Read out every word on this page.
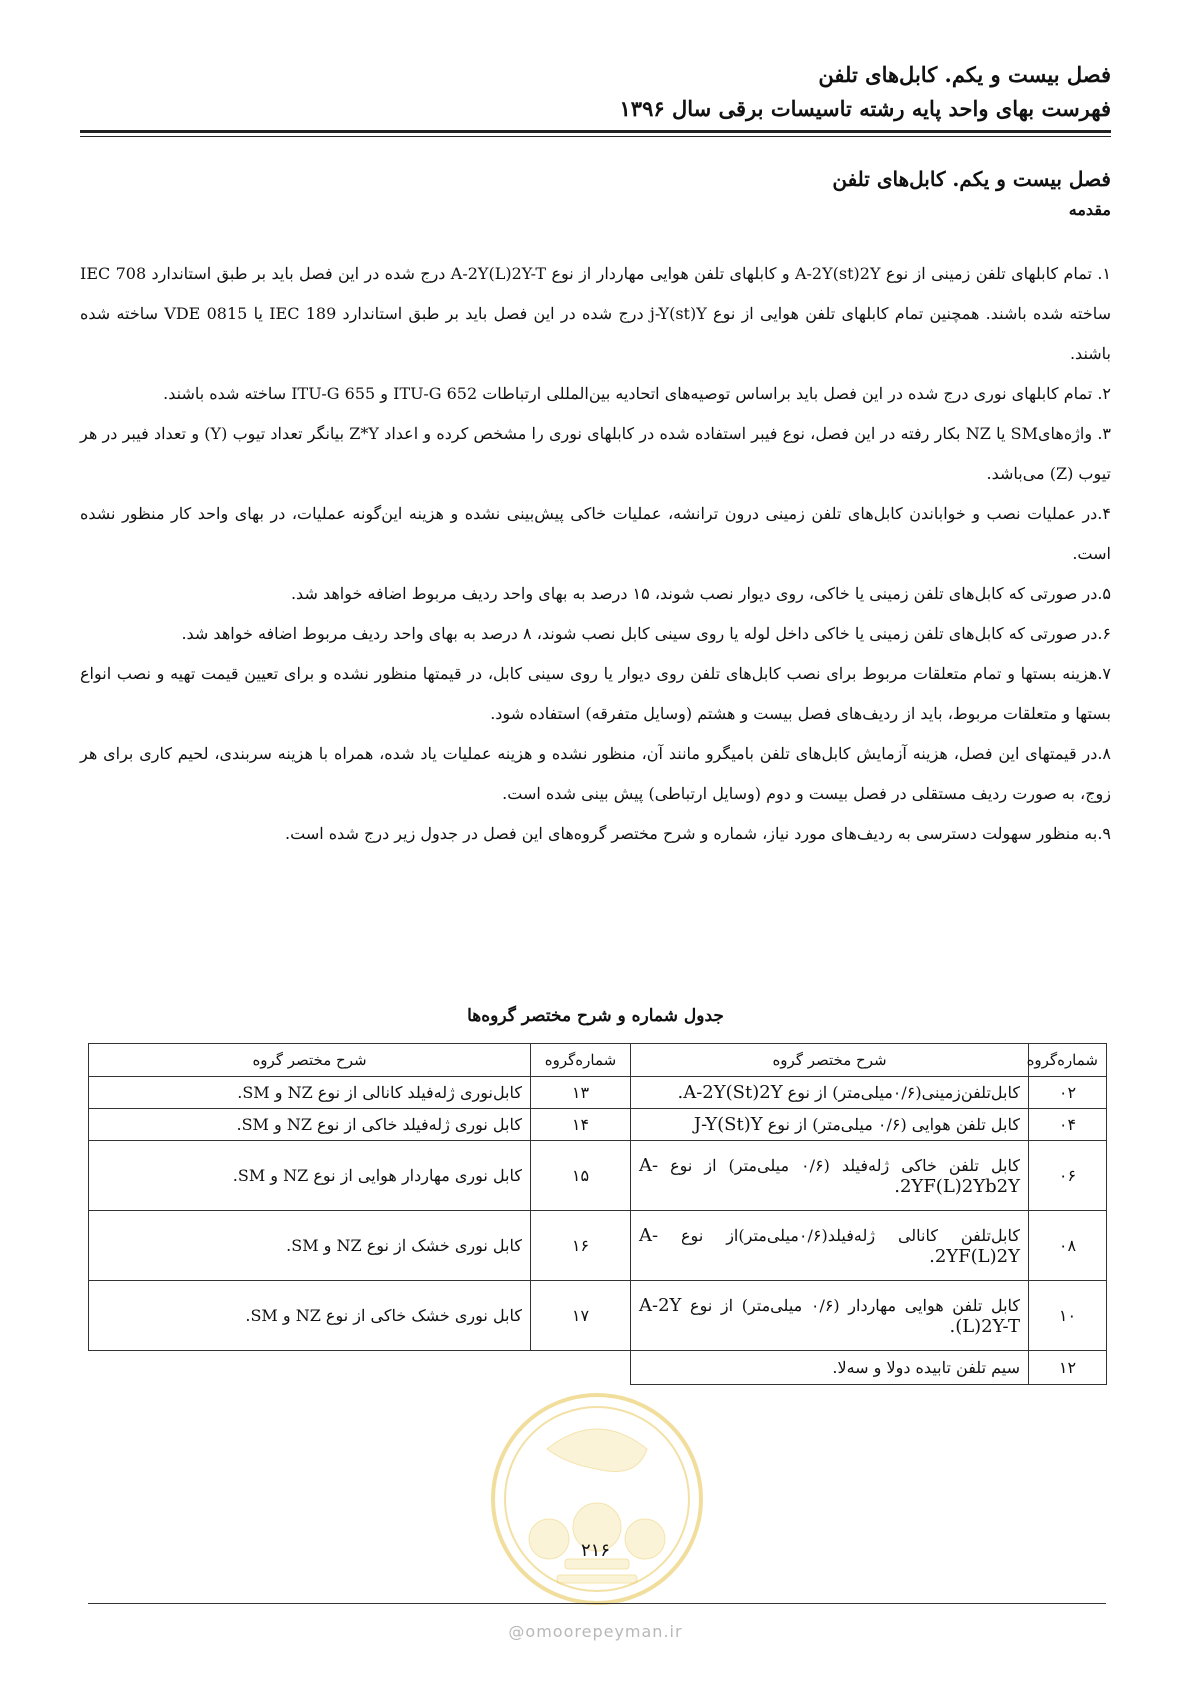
فصل بیست و یکم. کابل‌های تلفن
فهرست بهای واحد پایه رشته تاسیسات برقی سال ۱۳۹۶
فصل بیست و یکم. کابل‌های تلفن
مقدمه

۱. تمام کابلهای تلفن زمینی از نوع A-2Y(st)2Y و کابلهای تلفن هوایی مهاردار از نوع A-2Y(L)2Y-T درج شده در این فصل باید بر طبق استاندارد IEC 708 ساخته شده باشند. همچنین تمام کابلهای تلفن هوایی از نوع j-Y(st)Y درج شده در این فصل باید بر طبق استاندارد IEC 189 یا VDE 0815 ساخته شده باشند.

۲. تمام کابلهای نوری درج شده در این فصل باید براساس توصیه‌های اتحادیه بین‌المللی ارتباطات ITU-G 652 و ITU-G 655 ساخته شده باشند.

۳. واژه‌هایSM یا NZ بکار رفته در این فصل، نوع فیبر استفاده شده در کابلهای نوری را مشخص کرده و اعداد Z*Y بیانگر تعداد تیوب (Y) و تعداد فیبر در هر تیوب (Z) می‌باشد.

۴.در عملیات نصب و خواباندن کابل‌های تلفن زمینی درون ترانشه، عملیات خاکی پیش‌بینی نشده و هزینه این‌گونه عملیات، در بهای واحد کار منظور نشده است.

۵.در صورتی که کابل‌های تلفن زمینی یا خاکی، روی دیوار نصب شوند، ۱۵ درصد به بهای واحد ردیف مربوط اضافه خواهد شد.

۶.در صورتی که کابل‌های تلفن زمینی یا خاکی داخل لوله یا روی سینی کابل نصب شوند، ۸ درصد به بهای واحد ردیف مربوط اضافه خواهد شد.

۷.هزینه بستها و تمام متعلقات مربوط برای نصب کابل‌های تلفن روی دیوار یا روی سینی کابل، در قیمتها منظور نشده و برای تعیین قیمت تهیه و نصب انواع بستها و متعلقات مربوط، باید از ردیف‌های فصل بیست و هشتم (وسایل متفرقه) استفاده شود.

۸.در قیمتهای این فصل، هزینه آزمایش کابل‌های تلفن بامیگرو مانند آن، منظور نشده و هزینه عملیات یاد شده، همراه با هزینه سربندی، لحیم کاری برای هر زوج، به صورت ردیف مستقلی در فصل بیست و دوم (وسایل ارتباطی) پیش بینی شده است.

۹.به منظور سهولت دسترسی به ردیف‌های مورد نیاز، شماره و شرح مختصر گروه‌های این فصل در جدول زیر درج شده است.

جدول شماره و شرح مختصر گروه‌ها
شماره‌گروه	شرح مختصر گروه	شماره‌گروه	شرح مختصر گروه
۰۲	کابل‌تلفن‌زمینی(۰/۶میلی‌متر) از نوع A-2Y(St)2Y.	۱۳	کابل‌نوری ژله‌فیلد کانالی از نوع NZ و SM.
۰۴	کابل تلفن هوایی (۰/۶ میلی‌متر) از نوع J-Y(St)Y	۱۴	کابل نوری ژله‌فیلد خاکی از نوع NZ و SM.
۰۶	کابل تلفن خاکی ژله‌فیلد (۰/۶ میلی‌متر) از نوع A-2YF(L)2Yb2Y.	۱۵	کابل نوری مهاردار هوایی از نوع NZ و SM.
۰۸	کابل‌تلفن کانالی ژله‌فیلد(۰/۶میلی‌متر)از نوع A-2YF(L)2Y.	۱۶	کابل نوری خشک از نوع NZ و SM.
۱۰	کابل تلفن هوایی مهاردار (۰/۶ میلی‌متر) از نوع A-2Y (L)2Y-T.	۱۷	کابل نوری خشک خاکی از نوع NZ و SM.
۱۲	سیم تلفن تابیده دولا و سه‌لا.		
۲۱۶
@omoorepeyman.ir
